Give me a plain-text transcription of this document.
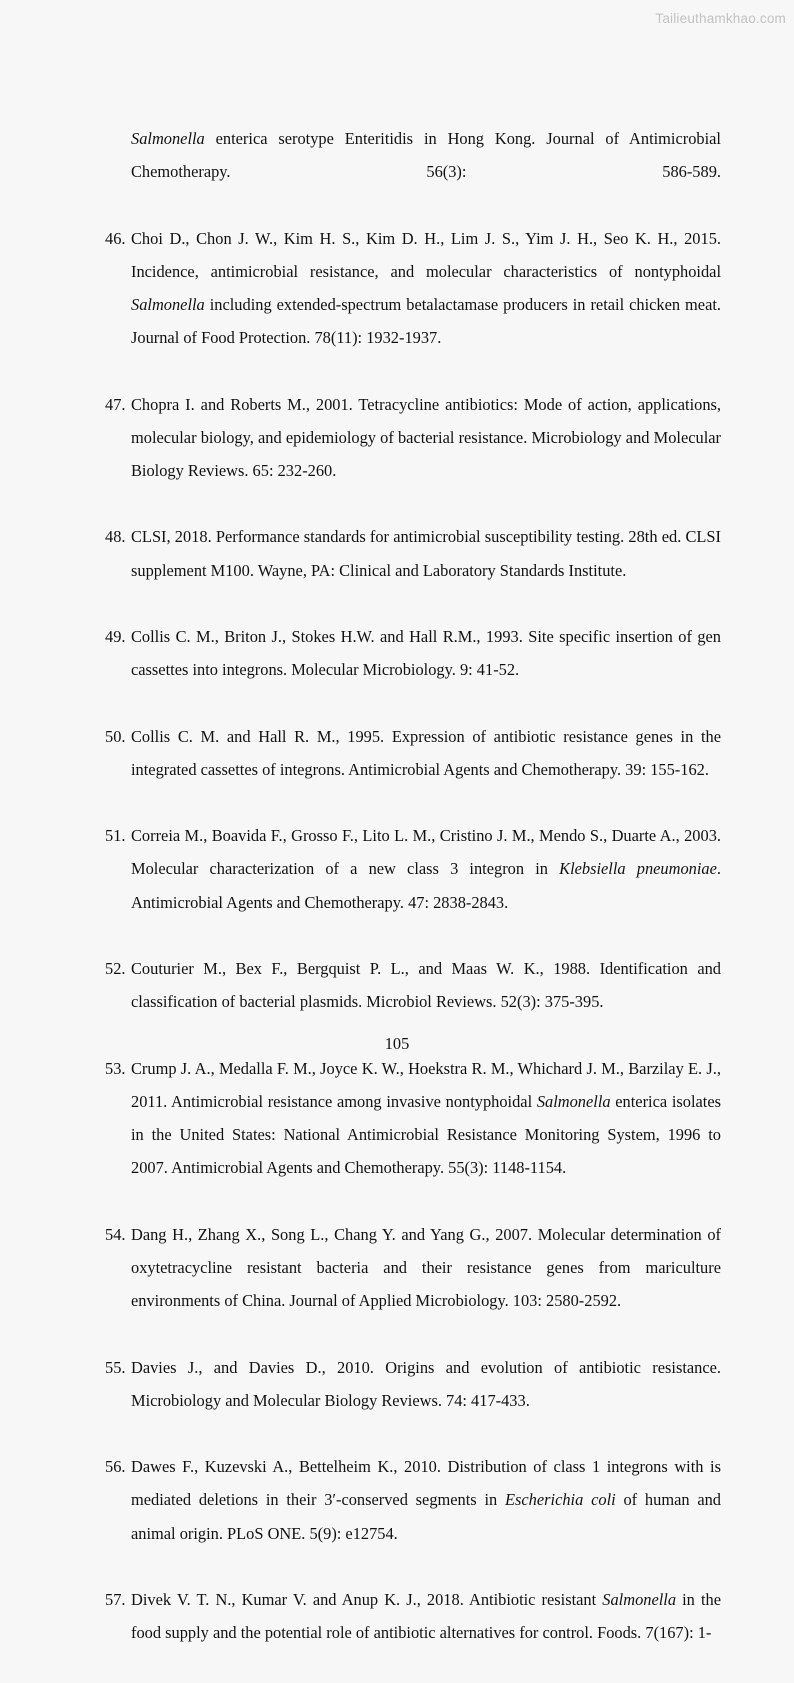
Tailieuthamkhao.com

Salmonella enterica serotype Enteritidis in Hong Kong. Journal of Antimicrobial Chemotherapy. 56(3): 586-589.

46. Choi D., Chon J. W., Kim H. S., Kim D. H., Lim J. S., Yim J. H., Seo K. H., 2015. Incidence, antimicrobial resistance, and molecular characteristics of nontyphoidal Salmonella including extended-spectrum betalactamase producers in retail chicken meat. Journal of Food Protection. 78(11): 1932-1937.
47. Chopra I. and Roberts M., 2001. Tetracycline antibiotics: Mode of action, applications, molecular biology, and epidemiology of bacterial resistance. Microbiology and Molecular Biology Reviews. 65: 232-260.
48. CLSI, 2018. Performance standards for antimicrobial susceptibility testing. 28th ed. CLSI supplement M100. Wayne, PA: Clinical and Laboratory Standards Institute.
49. Collis C. M., Briton J., Stokes H.W. and Hall R.M., 1993. Site specific insertion of gen cassettes into integrons. Molecular Microbiology. 9: 41-52.
50. Collis C. M. and Hall R. M., 1995. Expression of antibiotic resistance genes in the integrated cassettes of integrons. Antimicrobial Agents and Chemotherapy. 39: 155-162.
51. Correia M., Boavida F., Grosso F., Lito L. M., Cristino J. M., Mendo S., Duarte A., 2003. Molecular characterization of a new class 3 integron in Klebsiella pneumoniae. Antimicrobial Agents and Chemotherapy. 47: 2838-2843.
52. Couturier M., Bex F., Bergquist P. L., and Maas W. K., 1988. Identification and classification of bacterial plasmids. Microbiol Reviews. 52(3): 375-395.
53. Crump J. A., Medalla F. M., Joyce K. W., Hoekstra R. M., Whichard J. M., Barzilay E. J., 2011. Antimicrobial resistance among invasive nontyphoidal Salmonella enterica isolates in the United States: National Antimicrobial Resistance Monitoring System, 1996 to 2007. Antimicrobial Agents and Chemotherapy. 55(3): 1148-1154.
54. Dang H., Zhang X., Song L., Chang Y. and Yang G., 2007. Molecular determination of oxytetracycline resistant bacteria and their resistance genes from mariculture environments of China. Journal of Applied Microbiology. 103: 2580-2592.
55. Davies J., and Davies D., 2010. Origins and evolution of antibiotic resistance. Microbiology and Molecular Biology Reviews. 74: 417-433.
56. Dawes F., Kuzevski A., Bettelheim K., 2010. Distribution of class 1 integrons with is mediated deletions in their 3′-conserved segments in Escherichia coli of human and animal origin. PLoS ONE. 5(9): e12754.
57. Divek V. T. N., Kumar V. and Anup K. J., 2018. Antibiotic resistant Salmonella in the food supply and the potential role of antibiotic alternatives for control. Foods. 7(167): 1-
105
